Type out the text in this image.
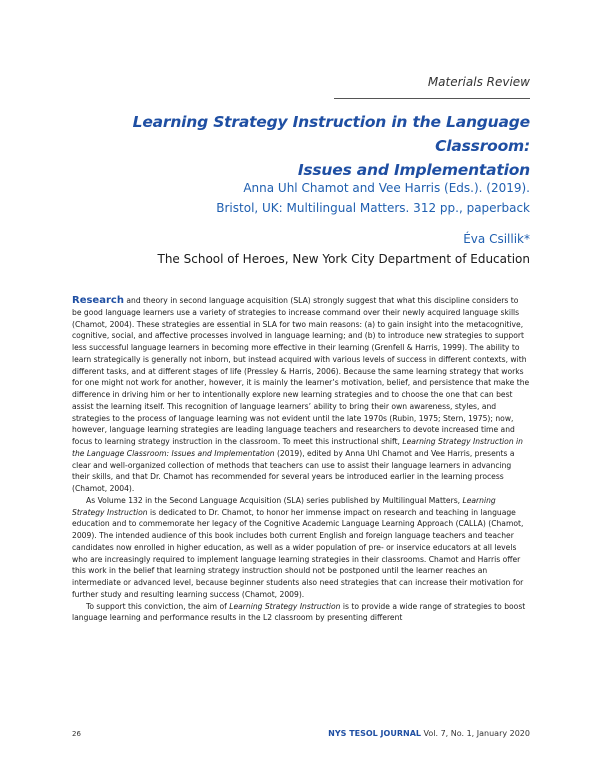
Materials Review
Learning Strategy Instruction in the Language Classroom:
Issues and Implementation
Anna Uhl Chamot and Vee Harris (Eds.). (2019).
Bristol, UK: Multilingual Matters. 312 pp., paperback
Éva Csillik*
The School of Heroes, New York City Department of Education

Research and theory in second language acquisition (SLA) strongly suggest that what this discipline considers to be good language learners use a variety of strategies to increase command over their newly acquired language skills (Chamot, 2004). These strategies are essential in SLA for two main reasons: (a) to gain insight into the metacognitive, cognitive, social, and affective processes involved in language learning; and (b) to introduce new strategies to support less successful language learners in becoming more effective in their learning (Grenfell & Harris, 1999). The ability to learn strategically is generally not inborn, but instead acquired with various levels of success in different contexts, with different tasks, and at different stages of life (Pressley & Harris, 2006). Because the same learning strategy that works for one might not work for another, however, it is mainly the learner’s motivation, belief, and persistence that make the difference in driving him or her to intentionally explore new learning strategies and to choose the one that can best assist the learning itself. This recognition of language learners’ ability to bring their own awareness, styles, and strategies to the process of language learning was not evident until the late 1970s (Rubin, 1975; Stern, 1975); now, however, language learning strategies are leading language teachers and researchers to devote increased time and focus to learning strategy instruction in the classroom. To meet this instructional shift, Learning Strategy Instruction in the Language Classroom: Issues and Implementation (2019), edited by Anna Uhl Chamot and Vee Harris, presents a clear and well-organized collection of methods that teachers can use to assist their language learners in advancing their skills, and that Dr. Chamot has recommended for several years be introduced earlier in the learning process (Chamot, 2004).

As Volume 132 in the Second Language Acquisition (SLA) series published by Multilingual Matters, Learning Strategy Instruction is dedicated to Dr. Chamot, to honor her immense impact on research and teaching in language education and to commemorate her legacy of the Cognitive Academic Language Learning Approach (CALLA) (Chamot, 2009). The intended audience of this book includes both current English and foreign language teachers and teacher candidates now enrolled in higher education, as well as a wider population of pre- or inservice educators at all levels who are increasingly required to implement language learning strategies in their classrooms. Chamot and Harris offer this work in the belief that learning strategy instruction should not be postponed until the learner reaches an intermediate or advanced level, because beginner students also need strategies that can increase their motivation for further study and resulting learning success (Chamot, 2009).

To support this conviction, the aim of Learning Strategy Instruction is to provide a wide range of strategies to boost language learning and performance results in the L2 classroom by presenting different

26	NYS TESOL JOURNAL Vol. 7, No. 1, January 2020
